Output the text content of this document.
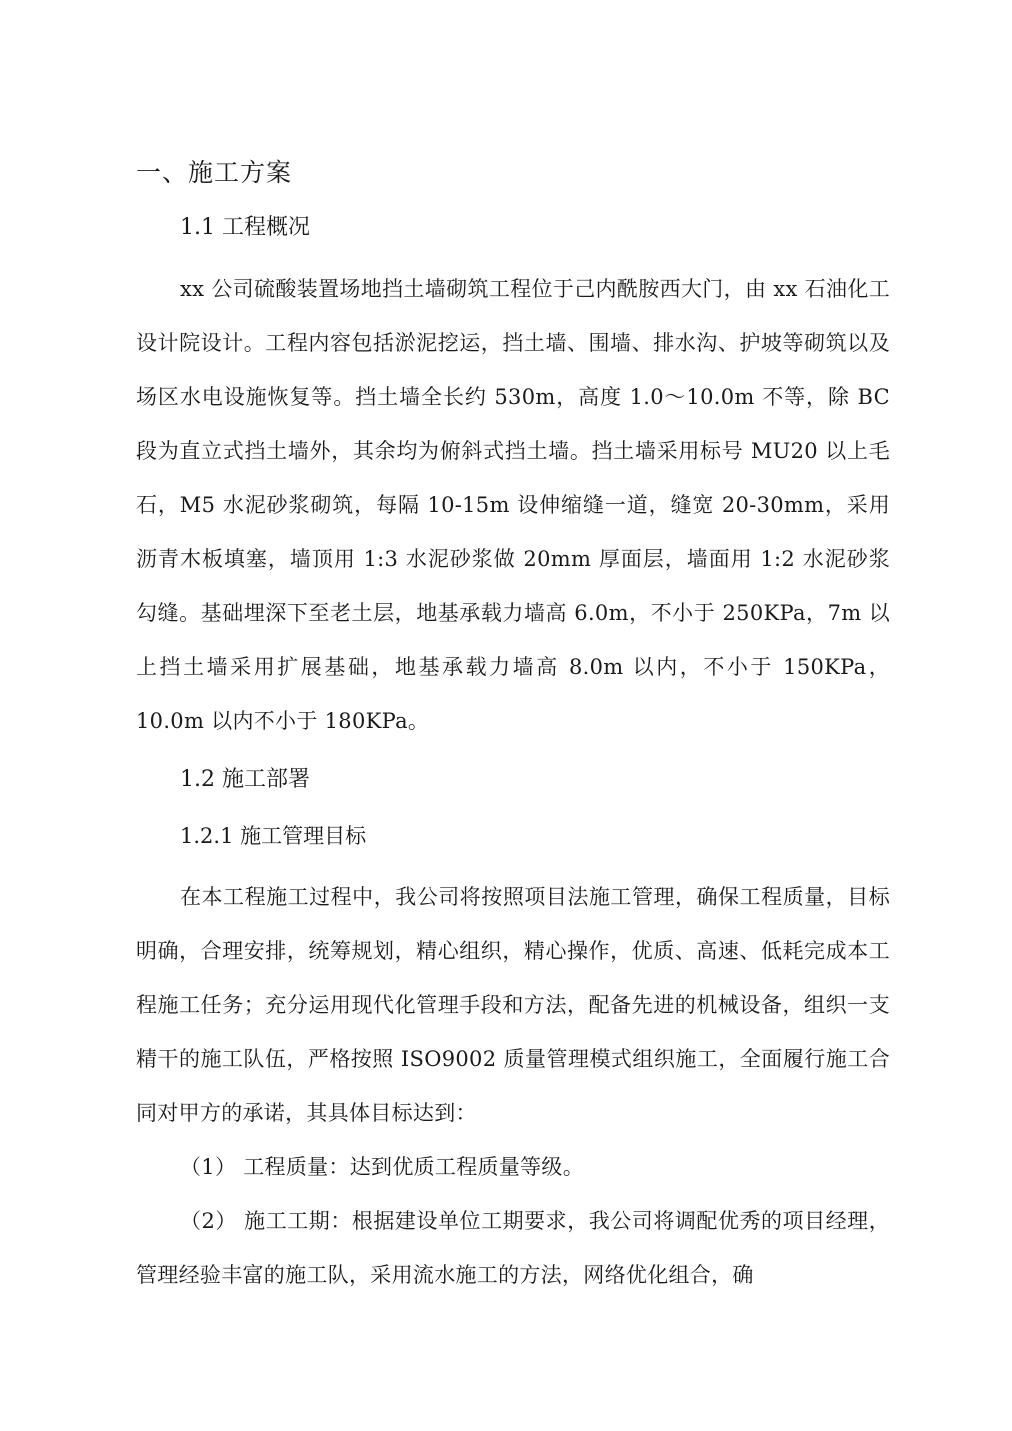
一、施工方案
1.1 工程概况

xx 公司硫酸装置场地挡土墙砌筑工程位于己内酰胺西大门，由 xx 石油化工设计院设计。工程内容包括淤泥挖运，挡土墙、围墙、排水沟、护坡等砌筑以及场区水电设施恢复等。挡土墙全长约 530m，高度 1.0～10.0m 不等，除 BC 段为直立式挡土墙外，其余均为俯斜式挡土墙。挡土墙采用标号 MU20 以上毛石，M5 水泥砂浆砌筑，每隔 10-15m 设伸缩缝一道，缝宽 20-30mm，采用沥青木板填塞，墙顶用 1:3 水泥砂浆做 20mm 厚面层，墙面用 1:2 水泥砂浆勾缝。基础埋深下至老土层，地基承载力墙高 6.0m，不小于 250KPa，7m 以上挡土墙采用扩展基础，地基承载力墙高 8.0m 以内，不小于 150KPa，10.0m 以内不小于 180KPa。

1.2 施工部署
1.2.1 施工管理目标

在本工程施工过程中，我公司将按照项目法施工管理，确保工程质量，目标明确，合理安排，统筹规划，精心组织，精心操作，优质、高速、低耗完成本工程施工任务；充分运用现代化管理手段和方法，配备先进的机械设备，组织一支精干的施工队伍，严格按照 ISO9002 质量管理模式组织施工，全面履行施工合同对甲方的承诺，其具体目标达到：

（1） 工程质量：达到优质工程质量等级。

（2） 施工工期：根据建设单位工期要求，我公司将调配优秀的项目经理，管理经验丰富的施工队，采用流水施工的方法，网络优化组合，确
